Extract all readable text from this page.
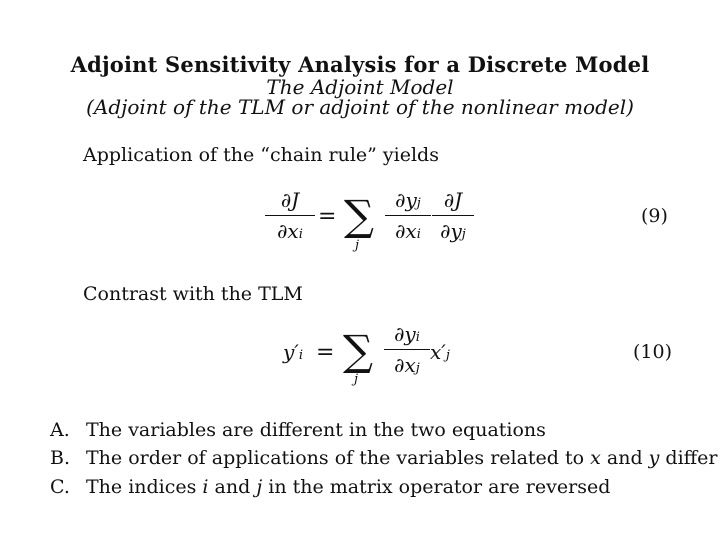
Adjoint Sensitivity Analysis for a Discrete Model
The Adjoint Model
(Adjoint of the TLM or adjoint of the nonlinear model)
Application of the “chain rule” yields
∂J
∂xi
= ∑
j
∂yj
∂xi
∂J
∂yj
(9)
Contrast with the TLM
y′i = ∑
j
∂yi
∂xj
x′j	(10)
A. The variables are different in the two equations
B. The order of applications of the variables related to x and y differ
C. The indices i and j in the matrix operator are reversed
